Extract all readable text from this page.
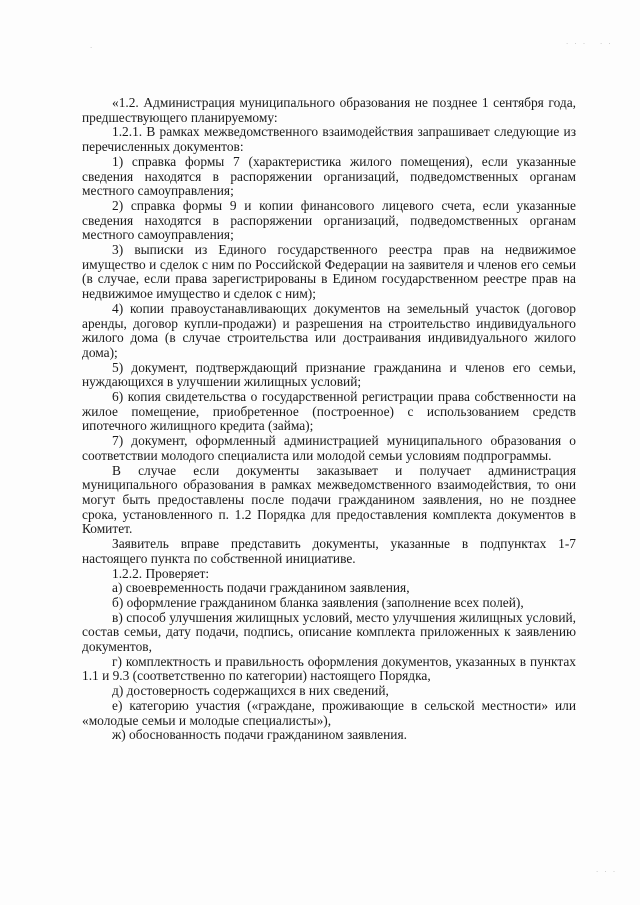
· · · · ·
·
· · ·

«1.2. Администрация муниципального образования не позднее 1 сентября года, предшествующего планируемому:

1.2.1. В рамках межведомственного взаимодействия запрашивает следующие из перечисленных документов:

1) справка формы 7 (характеристика жилого помещения), если указанные сведения находятся в распоряжении организаций, подведомственных органам местного самоуправления;

2) справка формы 9 и копии финансового лицевого счета, если указанные сведения находятся в распоряжении организаций, подведомственных органам местного самоуправления;

3) выписки из Единого государственного реестра прав на недвижимое имущество и сделок с ним по Российской Федерации на заявителя и членов его семьи (в случае, если права зарегистрированы в Едином государственном реестре прав на недвижимое имущество и сделок с ним);

4) копии правоустанавливающих документов на земельный участок (договор аренды, договор купли-продажи) и разрешения на строительство индивидуального жилого дома (в случае строительства или достраивания индивидуального жилого дома);

5) документ, подтверждающий признание гражданина и членов его семьи, нуждающихся в улучшении жилищных условий;

6) копия свидетельства о государственной регистрации права собственности на жилое помещение, приобретенное (построенное) с использованием средств ипотечного жилищного кредита (займа);

7) документ, оформленный администрацией муниципального образования о соответствии молодого специалиста или молодой семьи условиям подпрограммы.

В случае если документы заказывает и получает администрация муниципального образования в рамках межведомственного взаимодействия, то они могут быть предоставлены после подачи гражданином заявления, но не позднее срока, установленного п. 1.2 Порядка для предоставления комплекта документов в Комитет.

Заявитель вправе представить документы, указанные в подпунктах 1-7 настоящего пункта по собственной инициативе.

1.2.2. Проверяет:

а) своевременность подачи гражданином заявления,

б) оформление гражданином бланка заявления (заполнение всех полей),

в) способ улучшения жилищных условий, место улучшения жилищных условий, состав семьи, дату подачи, подпись, описание комплекта приложенных к заявлению документов,

г) комплектность и правильность оформления документов, указанных в пунктах 1.1 и 9.3 (соответственно по категории) настоящего Порядка,

д) достоверность содержащихся в них сведений,

е) категорию участия («граждане, проживающие в сельской местности» или «молодые семьи и молодые специалисты»),

ж) обоснованность подачи гражданином заявления.
